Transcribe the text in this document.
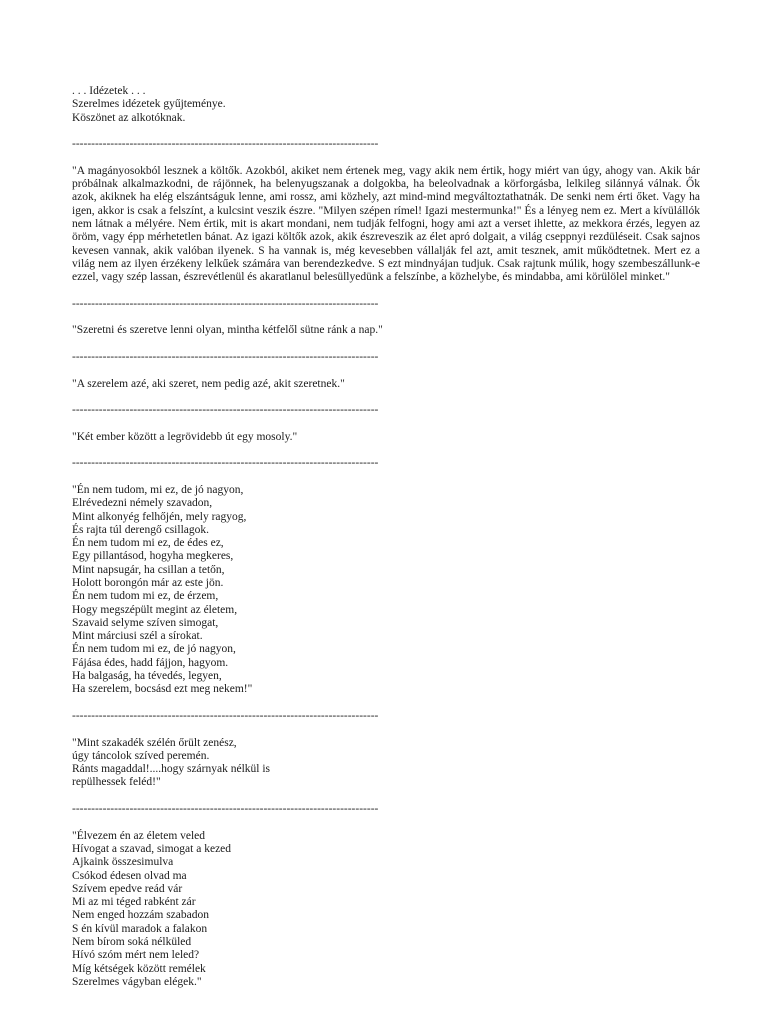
. . . Idézetek . . .
Szerelmes idézetek gyűjteménye.
Köszönet az alkotóknak.
--------------------------------------------------------------------------------
"A magányosokból lesznek a költők. Azokból, akiket nem értenek meg, vagy akik nem értik, hogy miért van úgy, ahogy van. Akik bár próbálnak alkalmazkodni, de rájönnek, ha belenyugszanak a dolgokba, ha beleolvadnak a körforgásba, lelkileg silánnyá válnak. Ők azok, akiknek ha elég elszántságuk lenne, ami rossz, ami közhely, azt mind-mind megváltoztathatnák. De senki nem érti őket. Vagy ha igen, akkor is csak a felszínt, a kulcsint veszik észre. "Milyen szépen rímel! Igazi mestermunka!" És a lényeg nem ez. Mert a kívülállók nem látnak a mélyére. Nem értik, mit is akart mondani, nem tudják felfogni, hogy ami azt a verset ihlette, az mekkora érzés, legyen az öröm, vagy épp mérhetetlen bánat. Az igazi költők azok, akik észreveszik az élet apró dolgait, a világ cseppnyi rezdüléseit. Csak sajnos kevesen vannak, akik valóban ilyenek. S ha vannak is, még kevesebben vállalják fel azt, amit tesznek, amit működtetnek. Mert ez a világ nem az ilyen érzékeny lelkűek számára van berendezkedve. S ezt mindnyájan tudjuk. Csak rajtunk múlik, hogy szembeszállunk-e ezzel, vagy szép lassan, észrevétlenül és akaratlanul belesüllyedünk a felszínbe, a közhelybe, és mindabba, ami körülölel minket."
--------------------------------------------------------------------------------
"Szeretni és szeretve lenni olyan, mintha kétfelől sütne ránk a nap."
--------------------------------------------------------------------------------
"A szerelem azé, aki szeret, nem pedig azé, akit szeretnek."
--------------------------------------------------------------------------------
"Két ember között a legrövidebb út egy mosoly."
--------------------------------------------------------------------------------
"Én nem tudom, mi ez, de jó nagyon,
Elrévedezni némely szavadon,
Mint alkonyég felhőjén, mely ragyog,
És rajta túl derengő csillagok.
Én nem tudom mi ez, de édes ez,
Egy pillantásod, hogyha megkeres,
Mint napsugár, ha csillan a tetőn,
Holott borongón már az este jön.
Én nem tudom mi ez, de érzem,
Hogy megszépült megint az életem,
Szavaid selyme szíven simogat,
Mint márciusi szél a sírokat.
Én nem tudom mi ez, de jó nagyon,
Fájása édes, hadd fájjon, hagyom.
Ha balgaság, ha tévedés, legyen,
Ha szerelem, bocsásd ezt meg nekem!"
--------------------------------------------------------------------------------
"Mint szakadék szélén őrült zenész,
úgy táncolok szíved peremén.
Ránts magaddal!....hogy szárnyak nélkül is
repülhessek feléd!"
--------------------------------------------------------------------------------
"Élvezem én az életem veled
Hívogat a szavad, simogat a kezed
Ajkaink összesimulva
Csókod édesen olvad ma
Szívem epedve reád vár
Mi az mi téged rabként zár
Nem enged hozzám szabadon
S én kívül maradok a falakon
Nem bírom soká nélküled
Hívó szóm mért nem leled?
Míg kétségek között remélek
Szerelmes vágyban elégek."
